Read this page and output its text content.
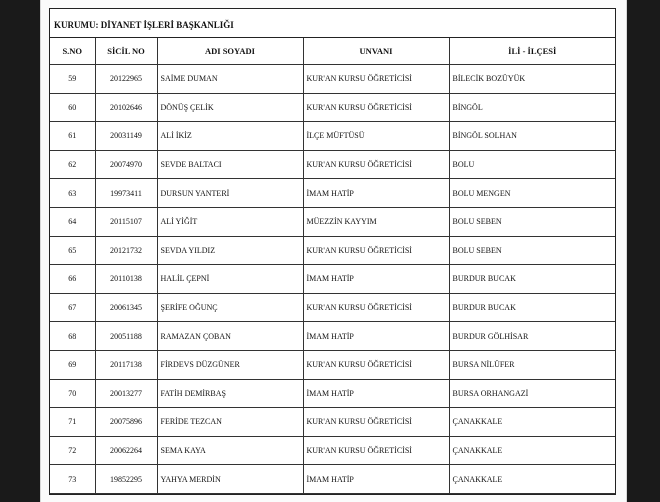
KURUMU: DİYANET İŞLERİ BAŞKANLIĞI
S.NO	SİCİL NO	ADI SOYADI	UNVANI	İLİ - İLÇESİ
59	20122965	SAİME DUMAN	KUR'AN KURSU ÖĞRETİCİSİ	BİLECİK BOZÜYÜK
60	20102646	DÖNÜŞ ÇELİK	KUR'AN KURSU ÖĞRETİCİSİ	BİNGÖL
61	20031149	ALİ İKİZ	İLÇE MÜFTÜSÜ	BİNGÖL SOLHAN
62	20074970	SEVDE BALTACI	KUR'AN KURSU ÖĞRETİCİSİ	BOLU
63	19973411	DURSUN YANTERİ	İMAM HATİP	BOLU MENGEN
64	20115107	ALİ YİĞİT	MÜEZZİN KAYYIM	BOLU SEBEN
65	20121732	SEVDA YILDIZ	KUR'AN KURSU ÖĞRETİCİSİ	BOLU SEBEN
66	20110138	HALİL ÇEPNİ	İMAM HATİP	BURDUR BUCAK
67	20061345	ŞERİFE OĞUNÇ	KUR'AN KURSU ÖĞRETİCİSİ	BURDUR BUCAK
68	20051188	RAMAZAN ÇOBAN	İMAM HATİP	BURDUR GÖLHİSAR
69	20117138	FİRDEVS DÜZGÜNER	KUR'AN KURSU ÖĞRETİCİSİ	BURSA NİLÜFER
70	20013277	FATİH DEMİRBAŞ	İMAM HATİP	BURSA ORHANGAZİ
71	20075896	FERİDE TEZCAN	KUR'AN KURSU ÖĞRETİCİSİ	ÇANAKKALE
72	20062264	SEMA KAYA	KUR'AN KURSU ÖĞRETİCİSİ	ÇANAKKALE
73	19852295	YAHYA MERDİN	İMAM HATİP	ÇANAKKALE
